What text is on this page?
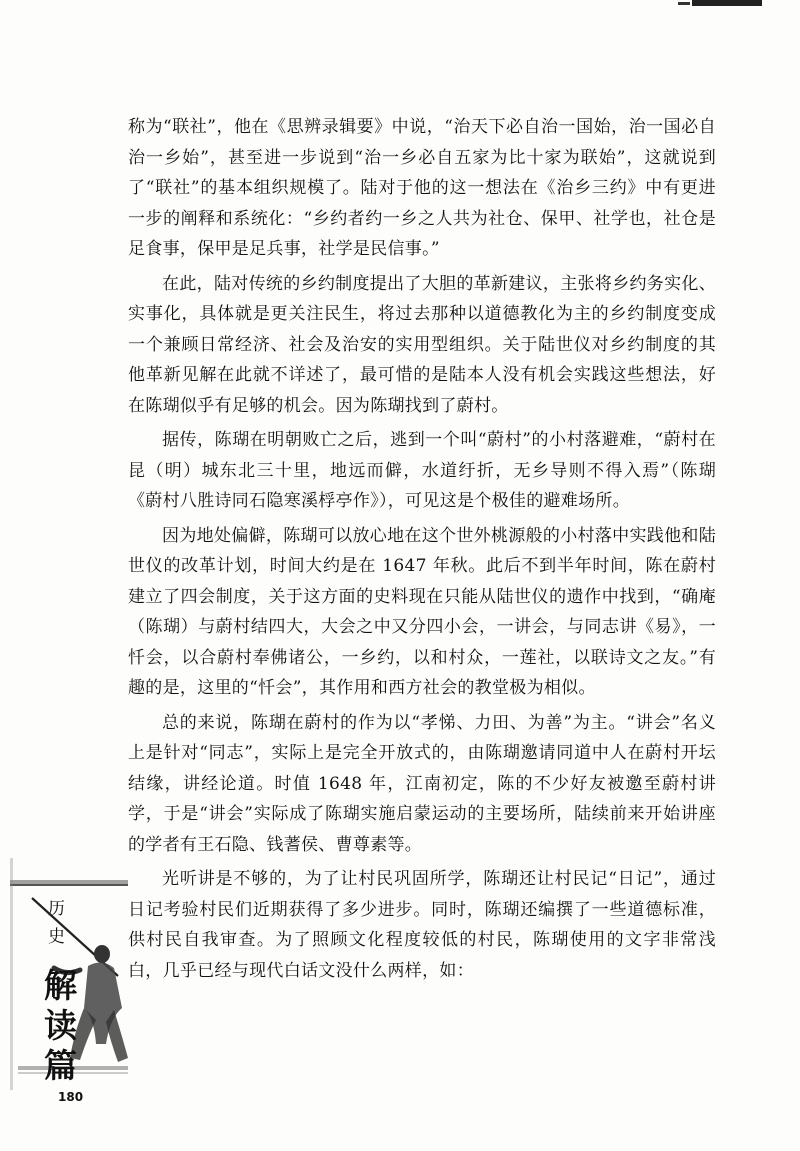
称为“联社”，他在《思辨录辑要》中说，“治天下必自治一国始，治一国必自治一乡始”，甚至进一步说到“治一乡必自五家为比十家为联始”，这就说到了“联社”的基本组织规模了。陆对于他的这一想法在《治乡三约》中有更进一步的阐释和系统化：“乡约者约一乡之人共为社仓、保甲、社学也，社仓是足食事，保甲是足兵事，社学是民信事。”

在此，陆对传统的乡约制度提出了大胆的革新建议，主张将乡约务实化、实事化，具体就是更关注民生，将过去那种以道德教化为主的乡约制度变成一个兼顾日常经济、社会及治安的实用型组织。关于陆世仪对乡约制度的其他革新见解在此就不详述了，最可惜的是陆本人没有机会实践这些想法，好在陈瑚似乎有足够的机会。因为陈瑚找到了蔚村。

据传，陈瑚在明朝败亡之后，逃到一个叫“蔚村”的小村落避难，“蔚村在昆（明）城东北三十里，地远而僻，水道纡折，无乡导则不得入焉”（陈瑚《蔚村八胜诗同石隐寒溪桴亭作》），可见这是个极佳的避难场所。

因为地处偏僻，陈瑚可以放心地在这个世外桃源般的小村落中实践他和陆世仪的改革计划，时间大约是在 1647 年秋。此后不到半年时间，陈在蔚村建立了四会制度，关于这方面的史料现在只能从陆世仪的遗作中找到，“确庵（陈瑚）与蔚村结四大，大会之中又分四小会，一讲会，与同志讲《易》，一忏会，以合蔚村奉佛诸公，一乡约，以和村众，一莲社，以联诗文之友。”有趣的是，这里的“忏会”，其作用和西方社会的教堂极为相似。

总的来说，陈瑚在蔚村的作为以“孝悌、力田、为善”为主。“讲会”名义上是针对“同志”，实际上是完全开放式的，由陈瑚邀请同道中人在蔚村开坛结缘，讲经论道。时值 1648 年，江南初定，陈的不少好友被邀至蔚村讲学，于是“讲会”实际成了陈瑚实施启蒙运动的主要场所，陆续前来开始讲座的学者有王石隐、钱蓍侯、曹尊素等。

光听讲是不够的，为了让村民巩固所学，陈瑚还让村民记“日记”，通过日记考验村民们近期获得了多少进步。同时，陈瑚还编撰了一些道德标准，供村民自我审查。为了照顾文化程度较低的村民，陈瑚使用的文字非常浅白，几乎已经与现代白话文没什么两样，如：

历
史
解
读
篇
180
